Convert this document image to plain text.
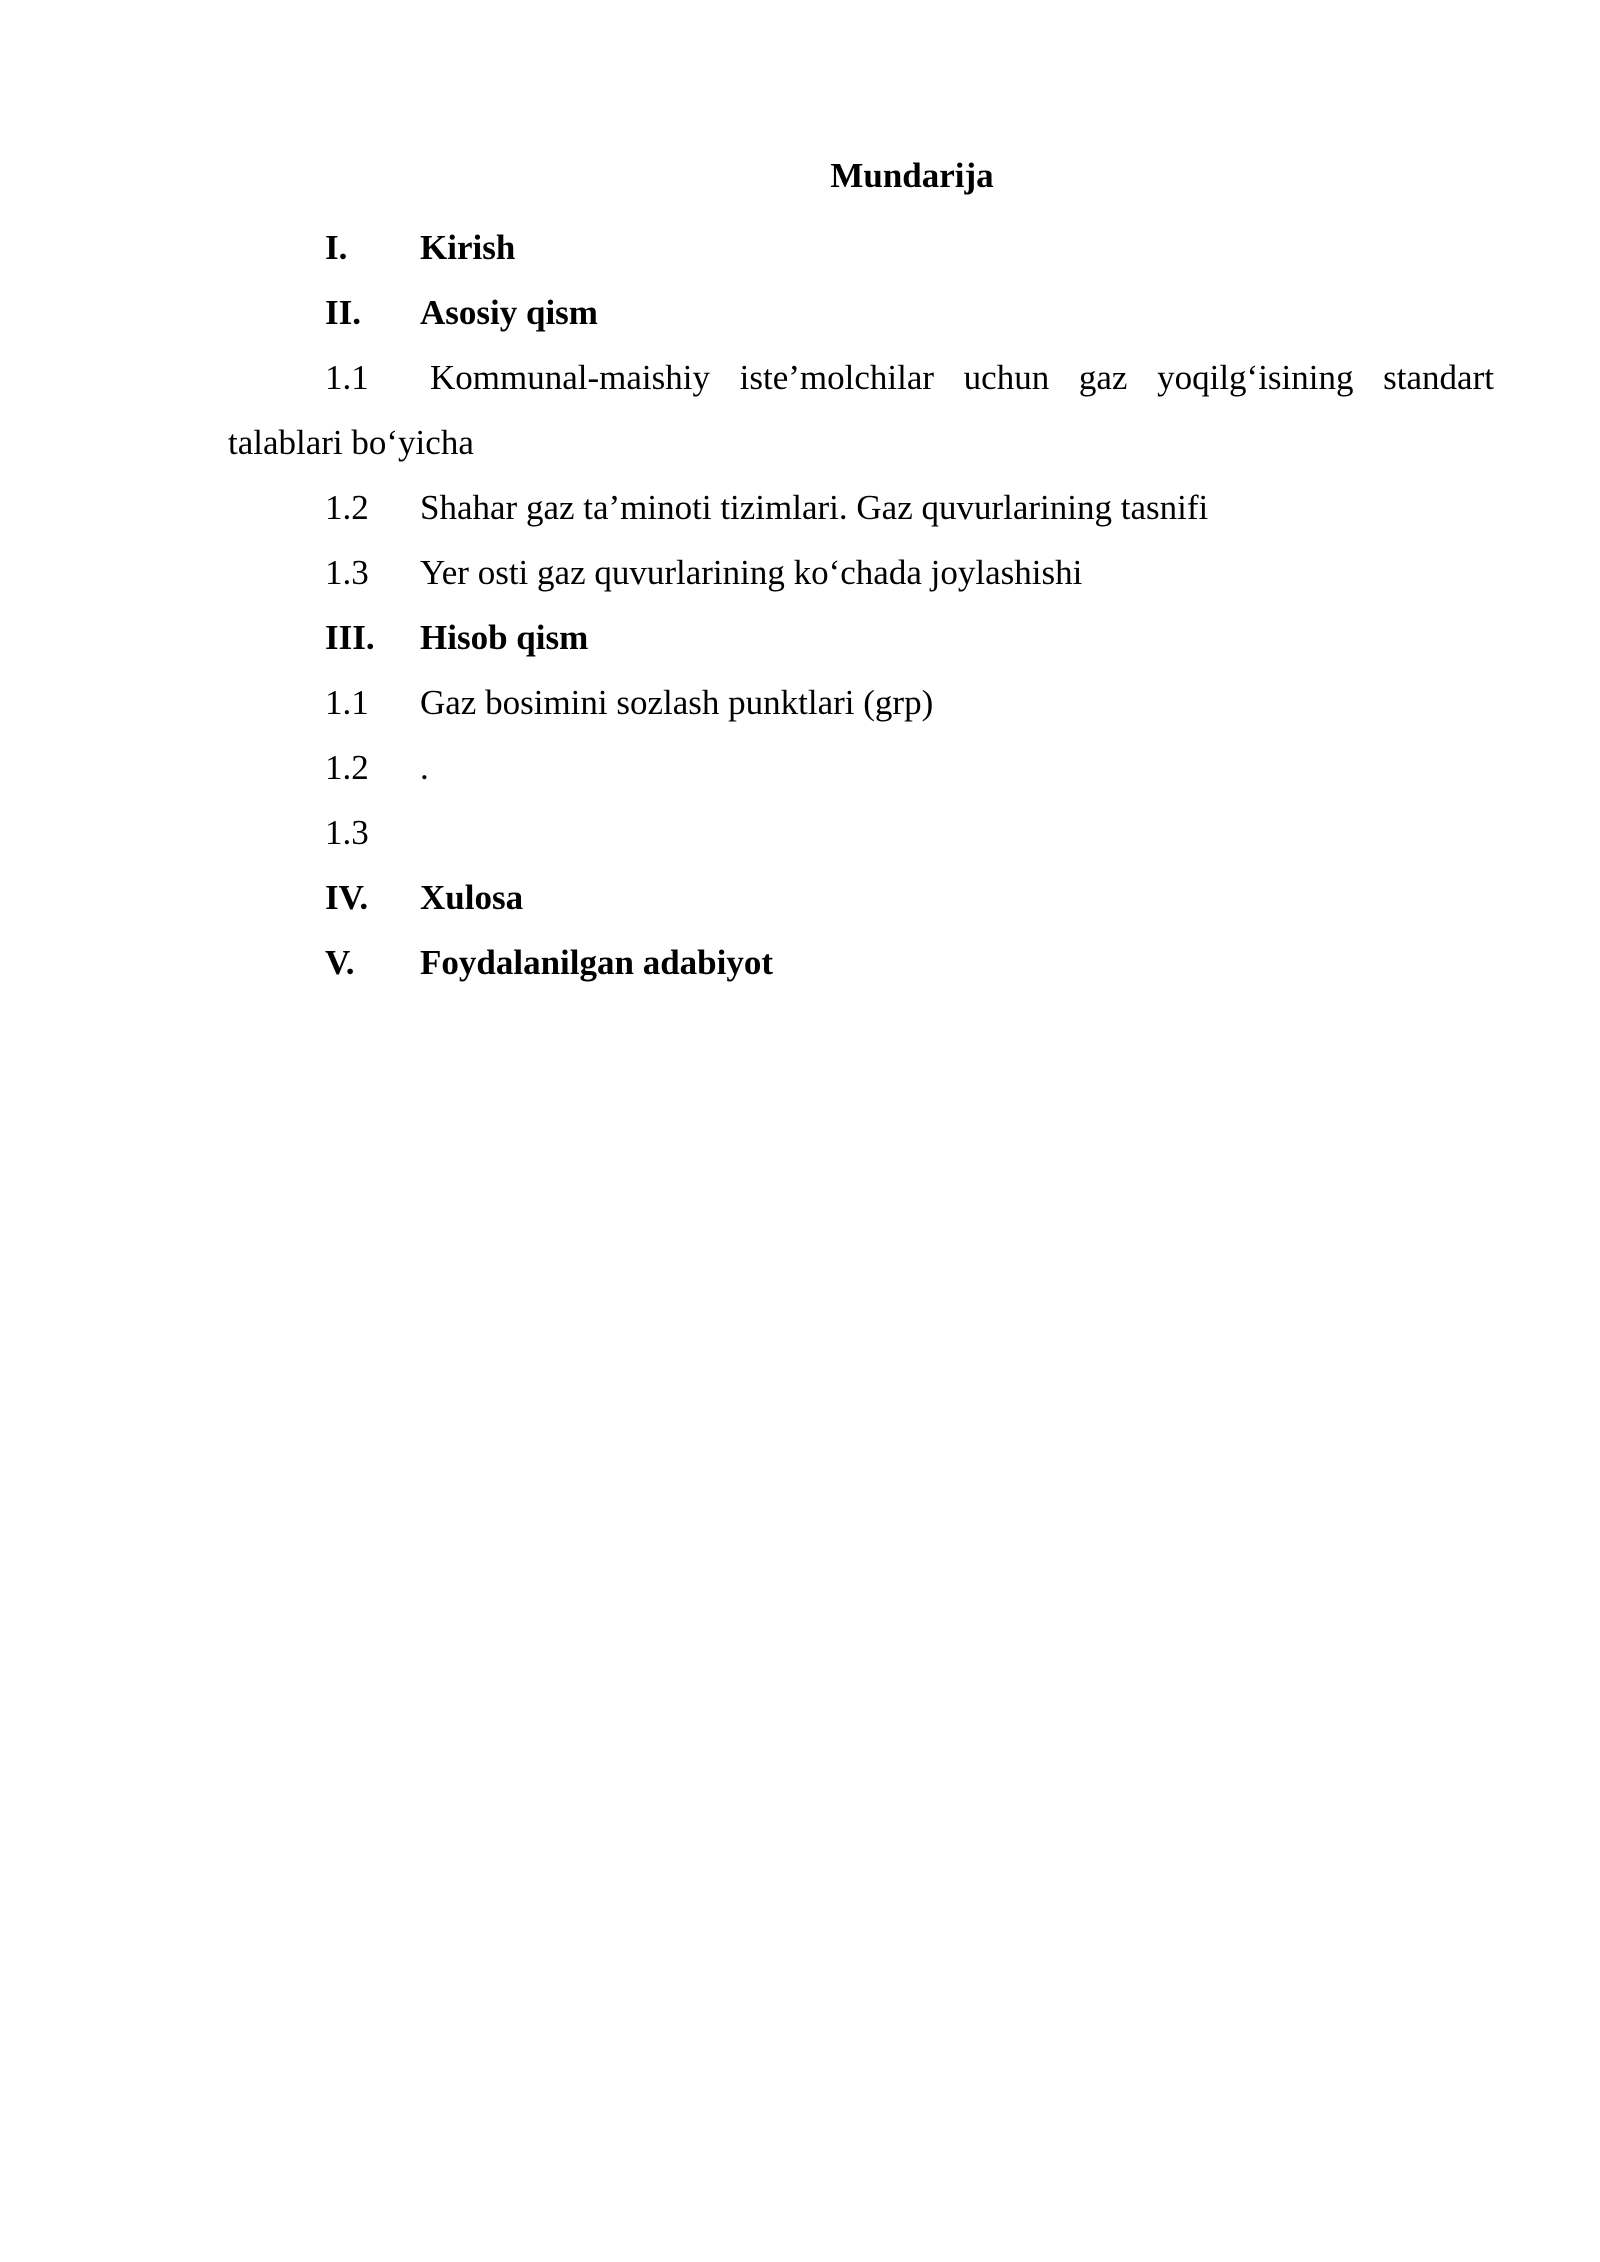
Mundarija
I. Kirish
II. Asosiy qism
1.1	Kommunal-maishiy iste’molchilar uchun gaz yoqilg‘isining standart
talablari bo‘yicha
1.2 Shahar gaz ta’minoti tizimlari. Gaz quvurlarining tasnifi
1.3 Yer osti gaz quvurlarining ko‘chada joylashishi
III. Hisob qism
1.1 Gaz bosimini sozlash punktlari (grp)
1.2 .
1.3
IV. Xulosa
V. Foydalanilgan adabiyot
